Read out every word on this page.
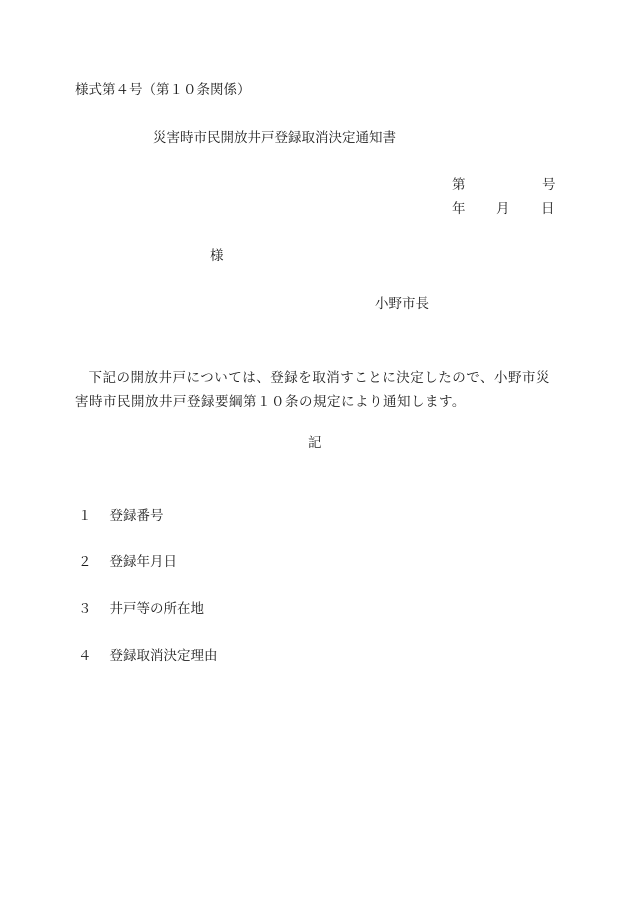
様式第４号（第１０条関係）
災害時市民開放井戸登録取消決定通知書
第	号
年 月 日
様
小野市長
下記の開放井戸については、登録を取消すことに決定したので、小野市災害時市民開放井戸登録要綱第１０条の規定により通知します。
記
１ 登録番号
２ 登録年月日
３ 井戸等の所在地
４ 登録取消決定理由
